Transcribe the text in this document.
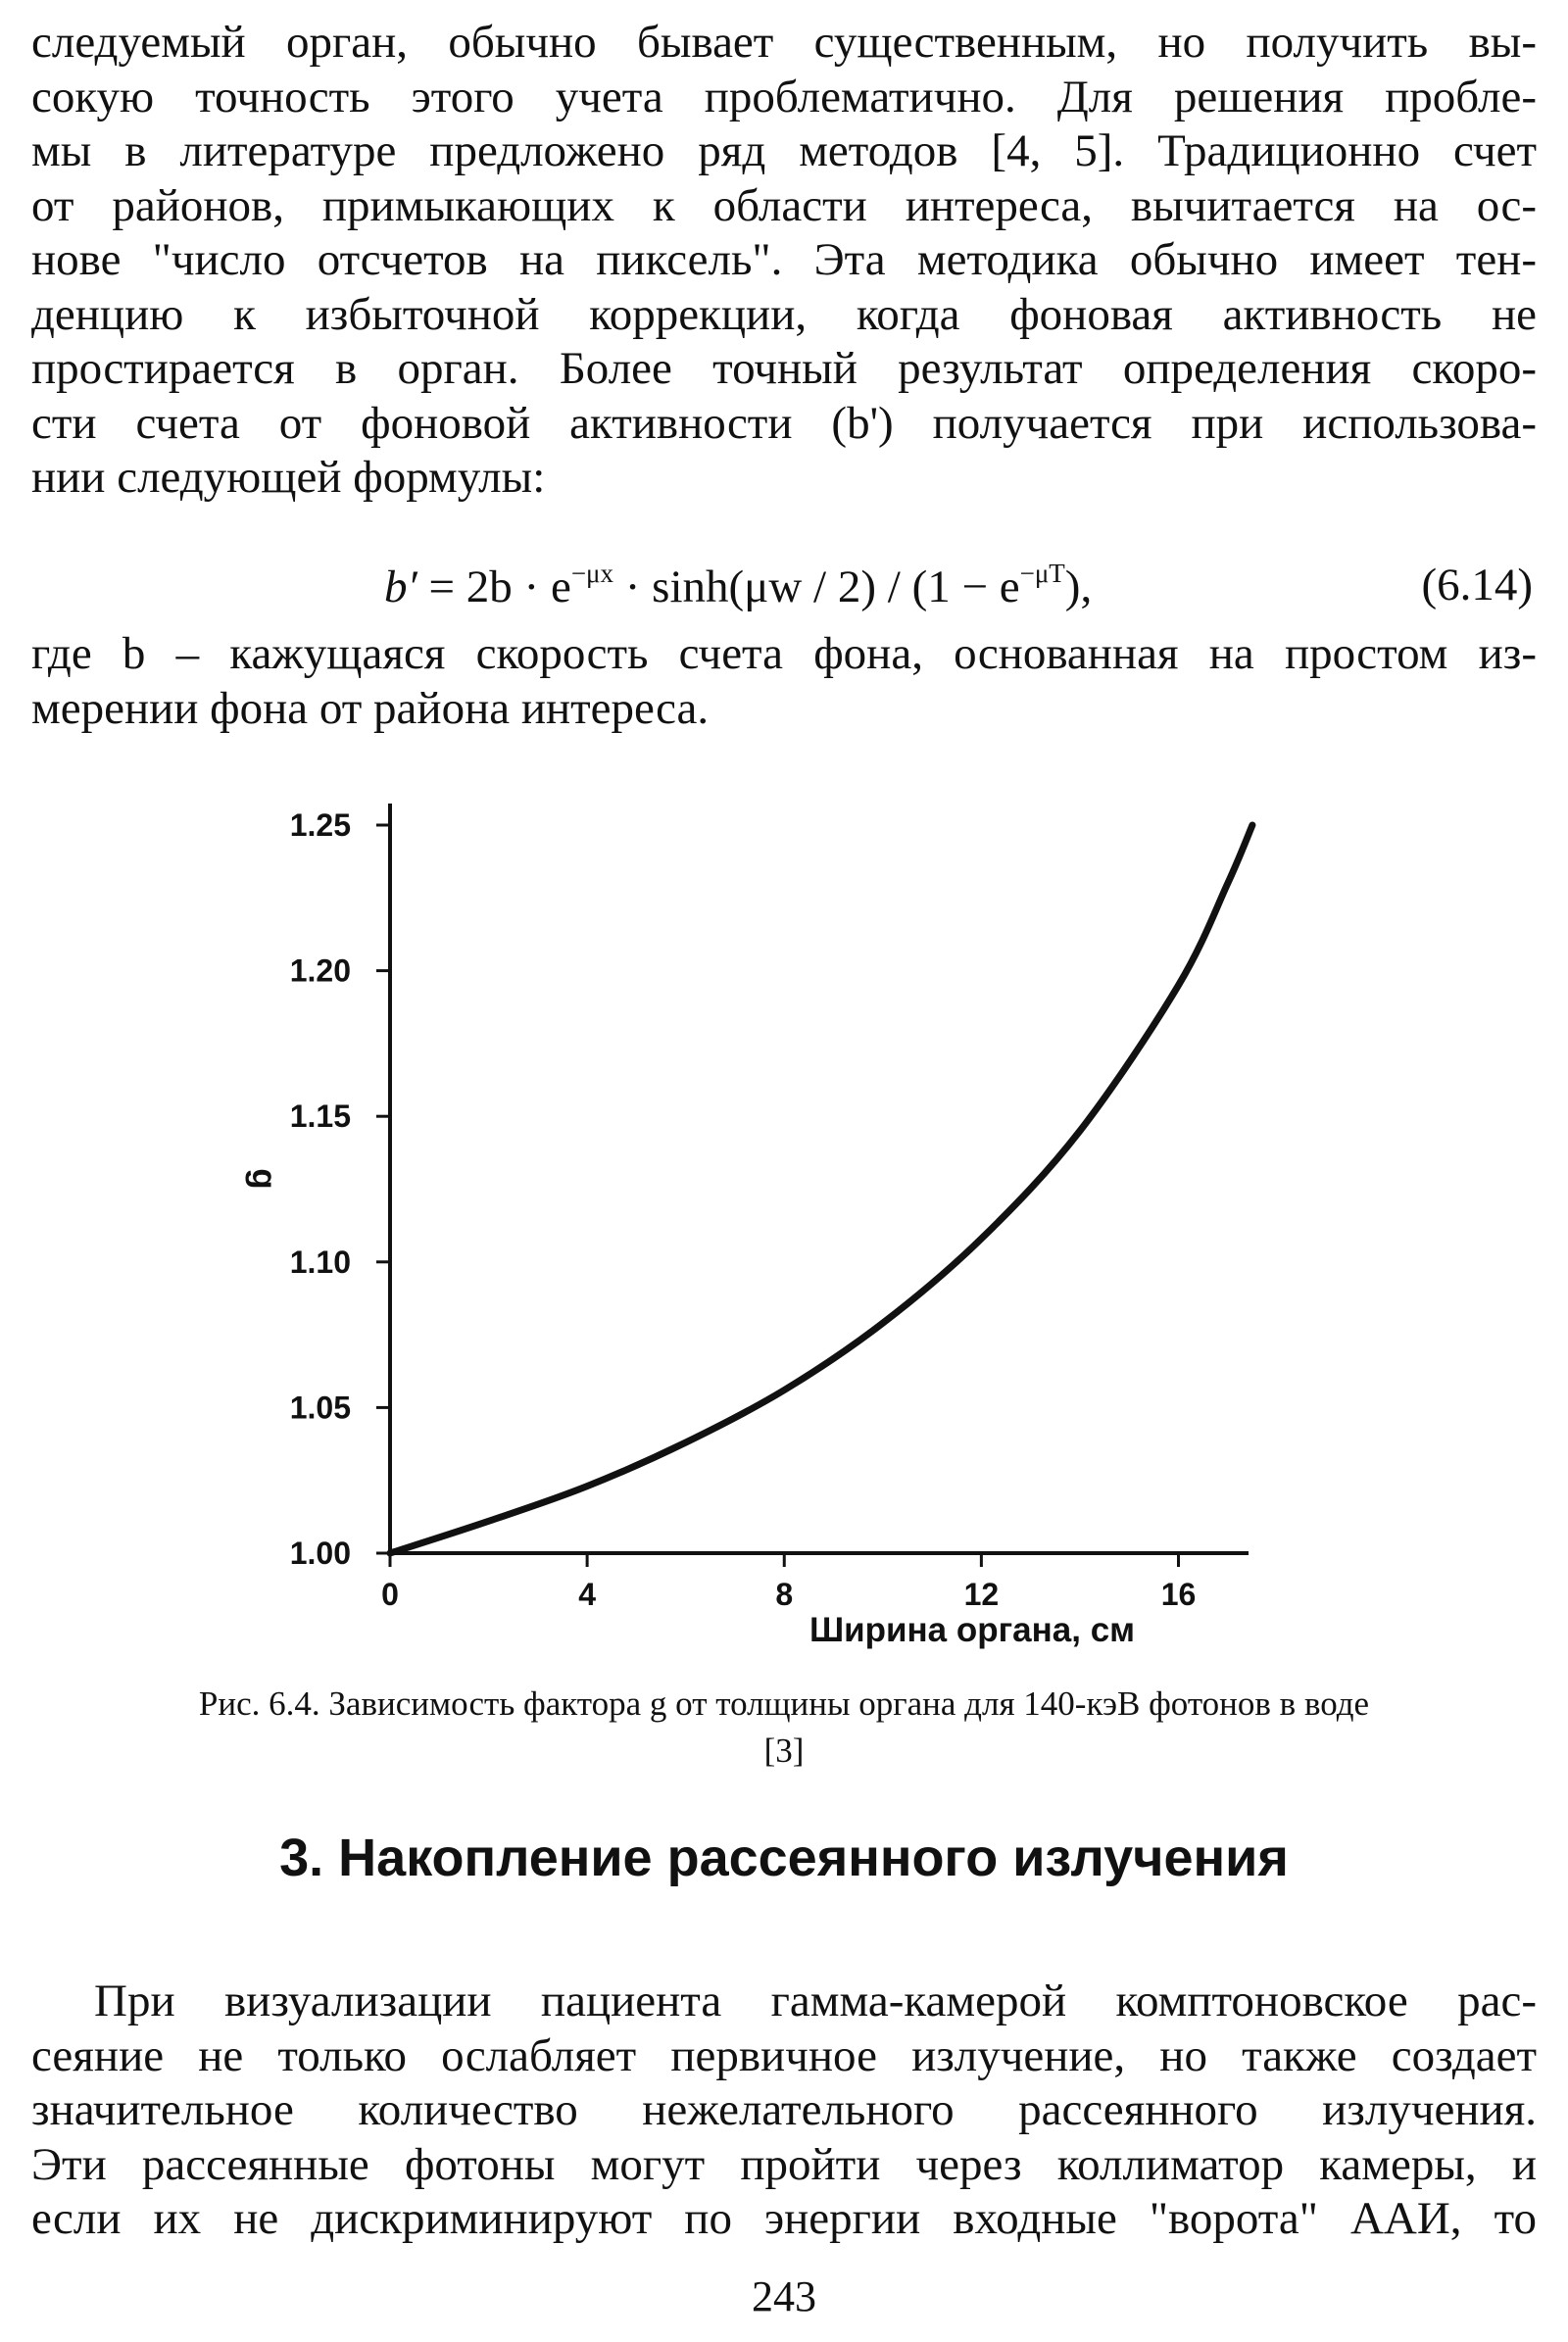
следуемый орган, обычно бывает существенным, но получить вы-
сокую точность этого учета проблематично. Для решения пробле-
мы в литературе предложено ряд методов [4, 5]. Традиционно счет
от районов, примыкающих к области интереса, вычитается на ос-
нове "число отсчетов на пиксель". Эта методика обычно имеет тен-
денцию к избыточной коррекции, когда фоновая активность не
простирается в орган. Более точный результат определения скоро-
сти счета от фоновой активности (b') получается при использова-
нии следующей формулы:
$b' = 2b \cdot e^{-\mu x} \cdot \sinh(\mu w / 2) / (1 - e^{-\mu T})$,	(6.14)
где b – кажущаяся скорость счета фона, основанная на простом из-
мерении фона от района интереса.
1.00
1.05
1.10
1.15
1.20
1.25
0	4	8	12	16
g
Ширина органа, см
Рис. 6.4. Зависимость фактора g от толщины органа для 140-кэВ фотонов в воде
[3]
3. Накопление рассеянного излучения
При визуализации пациента гамма-камерой комптоновское рас-
сеяние не только ослабляет первичное излучение, но также создает
значительное количество нежелательного рассеянного излучения.
Эти рассеянные фотоны могут пройти через коллиматор камеры, и
если их не дискриминируют по энергии входные "ворота" ААИ, то
243
